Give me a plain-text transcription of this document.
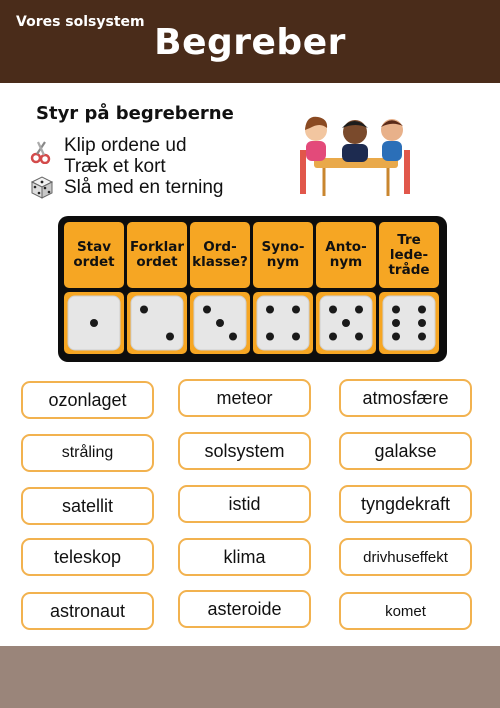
Vores solsystem Begreber
Styr på begreberne
Klip ordene ud
Træk et kort
Slå med en terning
Stav
ordet
Forklar
ordet
Ord-
klasse?
Syno-
nym
Anto-
nym
Tre
lede-
tråde
ozonlaget
stråling
satellit
teleskop
astronaut
meteor
solsystem
istid
klima
asteroide
atmosfære
galakse
tyngdekraft
drivhuseffekt
komet
